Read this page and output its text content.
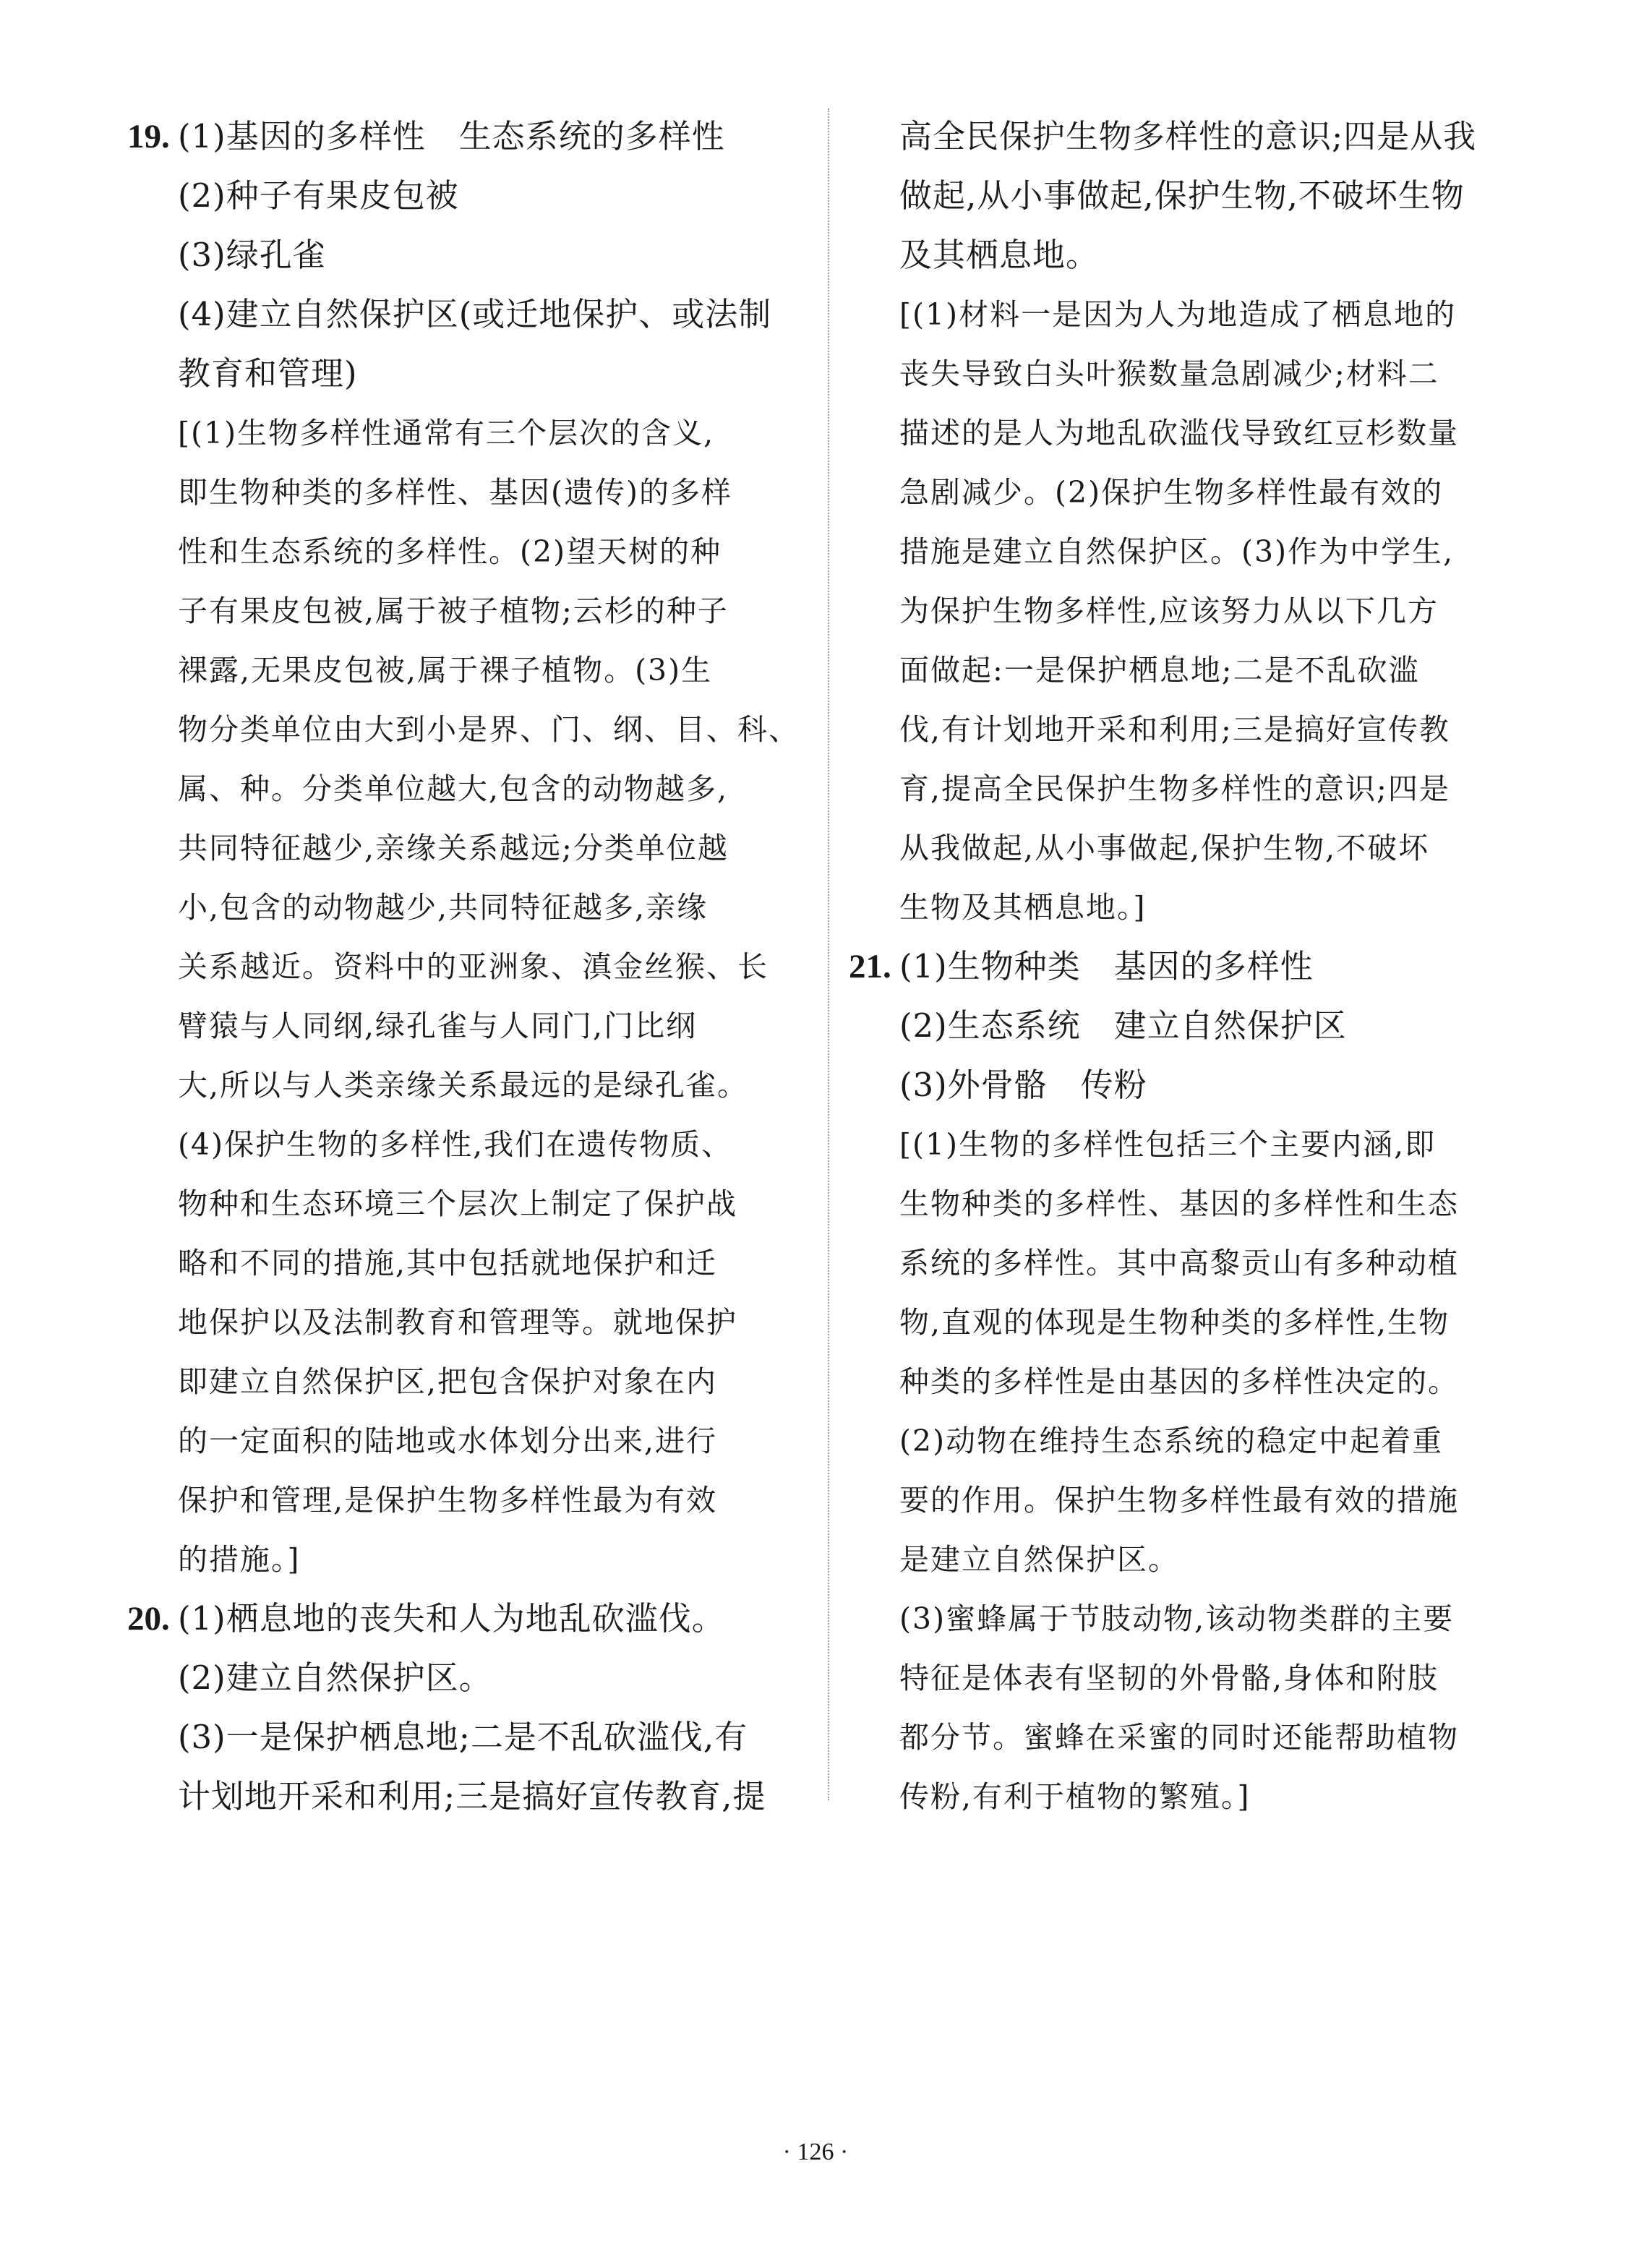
19. (1)基因的多样性　生态系统的多样性
(2)种子有果皮包被
(3)绿孔雀
(4)建立自然保护区(或迁地保护、或法制
教育和管理)
[(1)生物多样性通常有三个层次的含义,
即生物种类的多样性、基因(遗传)的多样
性和生态系统的多样性。(2)望天树的种
子有果皮包被,属于被子植物;云杉的种子
裸露,无果皮包被,属于裸子植物。(3)生
物分类单位由大到小是界、门、纲、目、科、
属、种。分类单位越大,包含的动物越多,
共同特征越少,亲缘关系越远;分类单位越
小,包含的动物越少,共同特征越多,亲缘
关系越近。资料中的亚洲象、滇金丝猴、长
臂猿与人同纲,绿孔雀与人同门,门比纲
大,所以与人类亲缘关系最远的是绿孔雀。
(4)保护生物的多样性,我们在遗传物质、
物种和生态环境三个层次上制定了保护战
略和不同的措施,其中包括就地保护和迁
地保护以及法制教育和管理等。就地保护
即建立自然保护区,把包含保护对象在内
的一定面积的陆地或水体划分出来,进行
保护和管理,是保护生物多样性最为有效
的措施。]
20. (1)栖息地的丧失和人为地乱砍滥伐。
(2)建立自然保护区。
(3)一是保护栖息地;二是不乱砍滥伐,有
计划地开采和利用;三是搞好宣传教育,提
高全民保护生物多样性的意识;四是从我
做起,从小事做起,保护生物,不破坏生物
及其栖息地。
[(1)材料一是因为人为地造成了栖息地的
丧失导致白头叶猴数量急剧减少;材料二
描述的是人为地乱砍滥伐导致红豆杉数量
急剧减少。(2)保护生物多样性最有效的
措施是建立自然保护区。(3)作为中学生,
为保护生物多样性,应该努力从以下几方
面做起:一是保护栖息地;二是不乱砍滥
伐,有计划地开采和利用;三是搞好宣传教
育,提高全民保护生物多样性的意识;四是
从我做起,从小事做起,保护生物,不破坏
生物及其栖息地。]
21. (1)生物种类　基因的多样性
(2)生态系统　建立自然保护区
(3)外骨骼　传粉
[(1)生物的多样性包括三个主要内涵,即
生物种类的多样性、基因的多样性和生态
系统的多样性。其中高黎贡山有多种动植
物,直观的体现是生物种类的多样性,生物
种类的多样性是由基因的多样性决定的。
(2)动物在维持生态系统的稳定中起着重
要的作用。保护生物多样性最有效的措施
是建立自然保护区。
(3)蜜蜂属于节肢动物,该动物类群的主要
特征是体表有坚韧的外骨骼,身体和附肢
都分节。蜜蜂在采蜜的同时还能帮助植物
传粉,有利于植物的繁殖。]
· 126 ·
